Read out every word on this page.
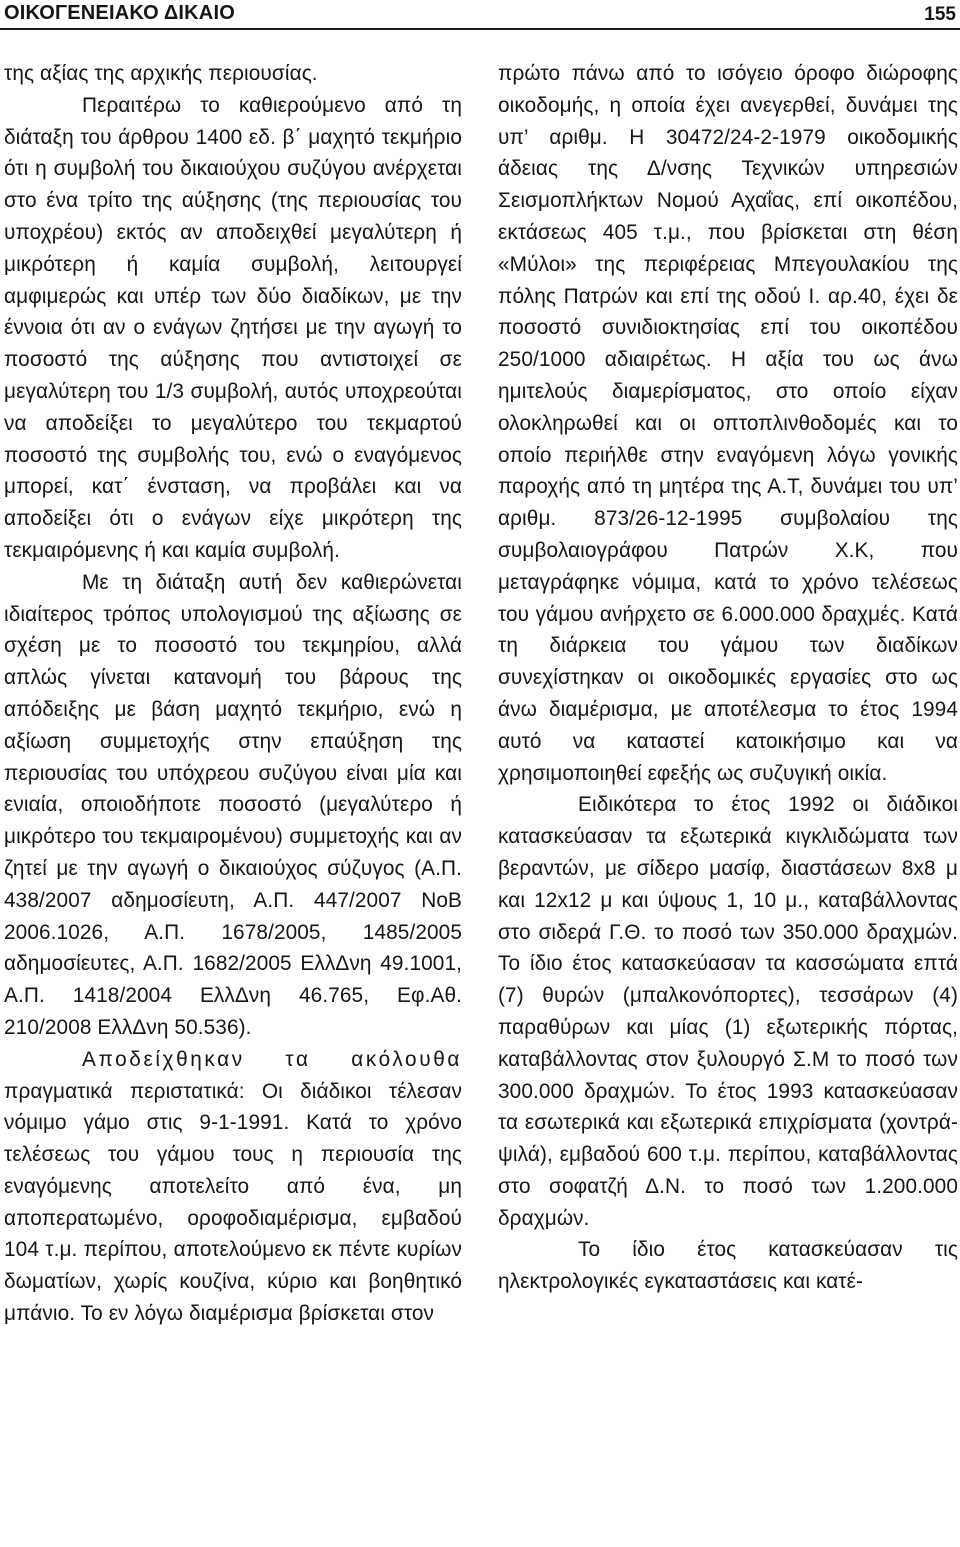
ΟΙΚΟΓΕΝΕΙΑΚΟ ΔΙΚΑΙΟ	155

της αξίας της αρχικής περιουσίας.

Περαιτέρω το καθιερούμενο από τη διάταξη του άρθρου 1400 εδ. β΄ μαχητό τεκμήριο ότι η συμβολή του δικαιούχου συζύγου ανέρχεται στο ένα τρίτο της αύξησης (της περιουσίας του υποχρέου) εκτός αν αποδειχθεί μεγαλύτερη ή μικρότερη ή καμία συμβολή, λειτουργεί αμφιμερώς και υπέρ των δύο διαδίκων, με την έννοια ότι αν ο ενάγων ζητήσει με την αγωγή το ποσοστό της αύξησης που αντιστοιχεί σε μεγαλύτερη του 1/3 συμβολή, αυτός υποχρεούται να αποδείξει το μεγαλύτερο του τεκμαρτού ποσοστό της συμβολής του, ενώ ο εναγόμενος μπορεί, κατ΄ ένσταση, να προβάλει και να αποδείξει ότι ο ενάγων είχε μικρότερη της τεκμαιρόμενης ή και καμία συμβολή.

Με τη διάταξη αυτή δεν καθιερώνεται ιδιαίτερος τρόπος υπολογισμού της αξίωσης σε σχέση με το ποσοστό του τεκμηρίου, αλλά απλώς γίνεται κατανομή του βάρους της απόδειξης με βάση μαχητό τεκμήριο, ενώ η αξίωση συμμετοχής στην επαύξηση της περιουσίας του υπόχρεου συζύγου είναι μία και ενιαία, οποιοδήποτε ποσοστό (μεγαλύτερο ή μικρότερο του τεκμαιρομένου) συμμετοχής και αν ζητεί με την αγωγή ο δικαιούχος σύζυγος (Α.Π. 438/2007 αδημοσίευτη, Α.Π. 447/2007 ΝοΒ 2006.1026, Α.Π. 1678/2005, 1485/2005 αδημοσίευτες, Α.Π. 1682/2005 ΕλλΔνη 49.1001, Α.Π. 1418/2004 ΕλλΔνη 46.765, Εφ.Αθ. 210/2008 ΕλλΔνη 50.536).

Αποδείχθηκαν τα ακόλουθα πραγματικά περιστατικά: Οι διάδικοι τέλεσαν νόμιμο γάμο στις 9-1-1991. Κατά το χρόνο τελέσεως του γάμου τους η περιουσία της εναγόμενης αποτελείτο από ένα, μη αποπερατωμένο, οροφοδιαμέρισμα, εμβαδού 104 τ.μ. περίπου, αποτελούμενο εκ πέντε κυρίων δωματίων, χωρίς κουζίνα, κύριο και βοηθητικό μπάνιο. Το εν λόγω διαμέρισμα βρίσκεται στον

πρώτο πάνω από το ισόγειο όροφο διώροφης οικοδομής, η οποία έχει ανεγερθεί, δυνάμει της υπ’ αριθμ. Η 30472/24-2-1979 οικοδομικής άδειας της Δ/νσης Τεχνικών υπηρεσιών Σεισμοπλήκτων Νομού Αχαΐας, επί οικοπέδου, εκτάσεως 405 τ.μ., που βρίσκεται στη θέση «Μύλοι» της περιφέρειας Μπεγουλακίου της πόλης Πατρών και επί της οδού Ι. αρ.40, έχει δε ποσοστό συνιδιοκτησίας επί του οικοπέδου 250/1000 αδιαιρέτως. Η αξία του ως άνω ημιτελούς διαμερίσματος, στο οποίο είχαν ολοκληρωθεί και οι οπτοπλινθοδομές και το οποίο περιήλθε στην εναγόμενη λόγω γονικής παροχής από τη μητέρα της Α.Τ, δυνάμει του υπ’ αριθμ. 873/26-12-1995 συμβολαίου της συμβολαιογράφου Πατρών Χ.Κ, που μεταγράφηκε νόμιμα, κατά το χρόνο τελέσεως του γάμου ανήρχετο σε 6.000.000 δραχμές. Κατά τη διάρκεια του γάμου των διαδίκων συνεχίστηκαν οι οικοδομικές εργασίες στο ως άνω διαμέρισμα, με αποτέλεσμα το έτος 1994 αυτό να καταστεί κατοικήσιμο και να χρησιμοποιηθεί εφεξής ως συζυγική οικία.

Ειδικότερα το έτος 1992 οι διάδικοι κατασκεύασαν τα εξωτερικά κιγκλιδώματα των βεραντών, με σίδερο μασίφ, διαστάσεων 8x8 μ και 12x12 μ και ύψους 1, 10 μ., καταβάλλοντας στο σιδερά Γ.Θ. το ποσό των 350.000 δραχμών. Το ίδιο έτος κατασκεύασαν τα κασσώματα επτά (7) θυρών (μπαλκονόπορτες), τεσσάρων (4) παραθύρων και μίας (1) εξωτερικής πόρτας, καταβάλλοντας στον ξυλουργό Σ.Μ το ποσό των 300.000 δραχμών. Το έτος 1993 κατασκεύασαν τα εσωτερικά και εξωτερικά επιχρίσματα (χοντρά-ψιλά), εμβαδού 600 τ.μ. περίπου, καταβάλλοντας στο σοφατζή Δ.Ν. το ποσό των 1.200.000 δραχμών.

Το ίδιο έτος κατασκεύασαν τις ηλεκτρολογικές εγκαταστάσεις και κατέ-
